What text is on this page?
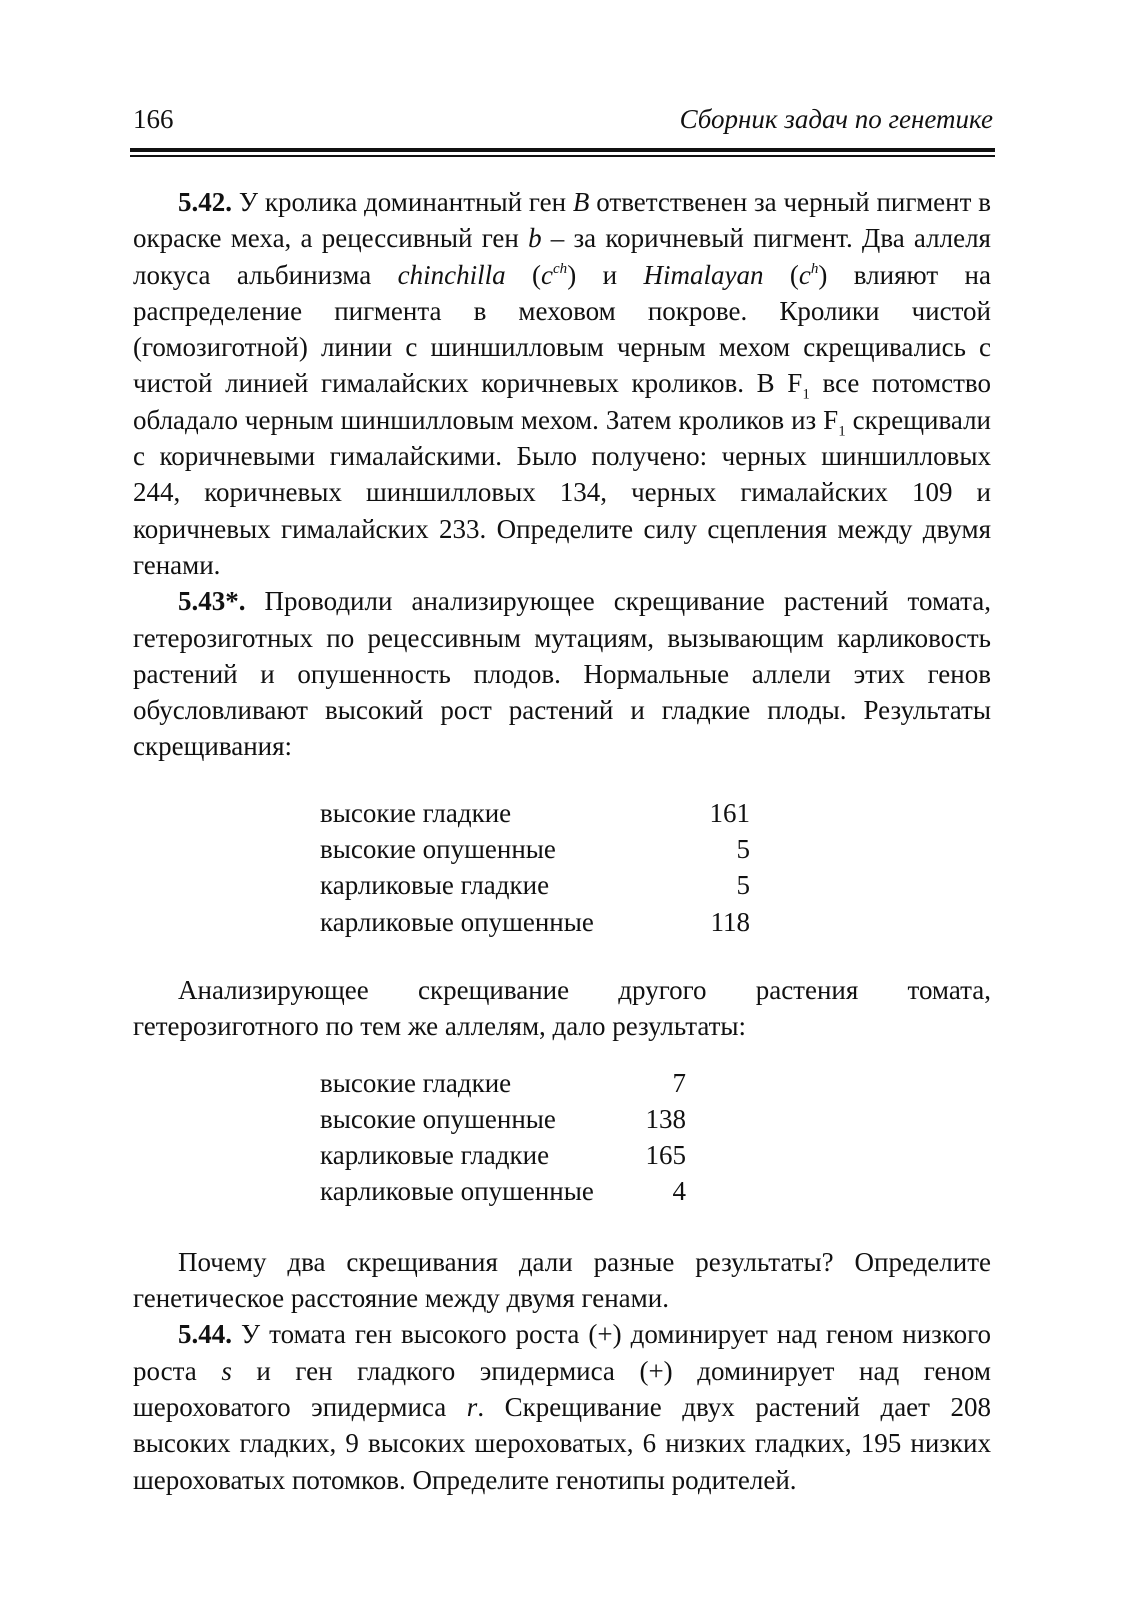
166	Сборник задач по генетике

5.42. У кролика доминантный ген B ответственен за черный пигмент в окраске меха, а рецессивный ген b – за коричневый пигмент. Два аллеля локуса альбинизма chinchilla $(c^{ch})$ и Himalayan $(c^h)$ влияют на распределение пигмента в меховом покрове. Кролики чистой (гомозиготной) линии с шиншилловым черным мехом скрещивались с чистой линией гималайских коричневых кроликов. В $F_1$ все потомство обладало черным шиншилловым мехом. Затем кроликов из $F_1$ скрещивали с коричневыми гималайскими. Было получено: черных шиншилловых 244, коричневых шиншилловых 134, черных гималайских 109 и коричневых гималайских 233. Определите силу сцепления между двумя генами.

5.43*. Проводили анализирующее скрещивание растений томата, гетерозиготных по рецессивным мутациям, вызывающим карликовость растений и опушенность плодов. Нормальные аллели этих генов обусловливают высокий рост растений и гладкие плоды. Результаты скрещивания:

высокие гладкие	161
высокие опушенные	5
карликовые гладкие	5
карликовые опушенные	118

Анализирующее скрещивание другого растения томата, гетерозиготного по тем же аллелям, дало результаты:

высокие гладкие	7
высокие опушенные	138
карликовые гладкие	165
карликовые опушенные	4

Почему два скрещивания дали разные результаты? Определите генетическое расстояние между двумя генами.

5.44. У томата ген высокого роста (+) доминирует над геном низкого роста s и ген гладкого эпидермиса (+) доминирует над геном шероховатого эпидермиса r. Скрещивание двух растений дает 208 высоких гладких, 9 высоких шероховатых, 6 низких гладких, 195 низких шероховатых потомков. Определите генотипы родителей.
